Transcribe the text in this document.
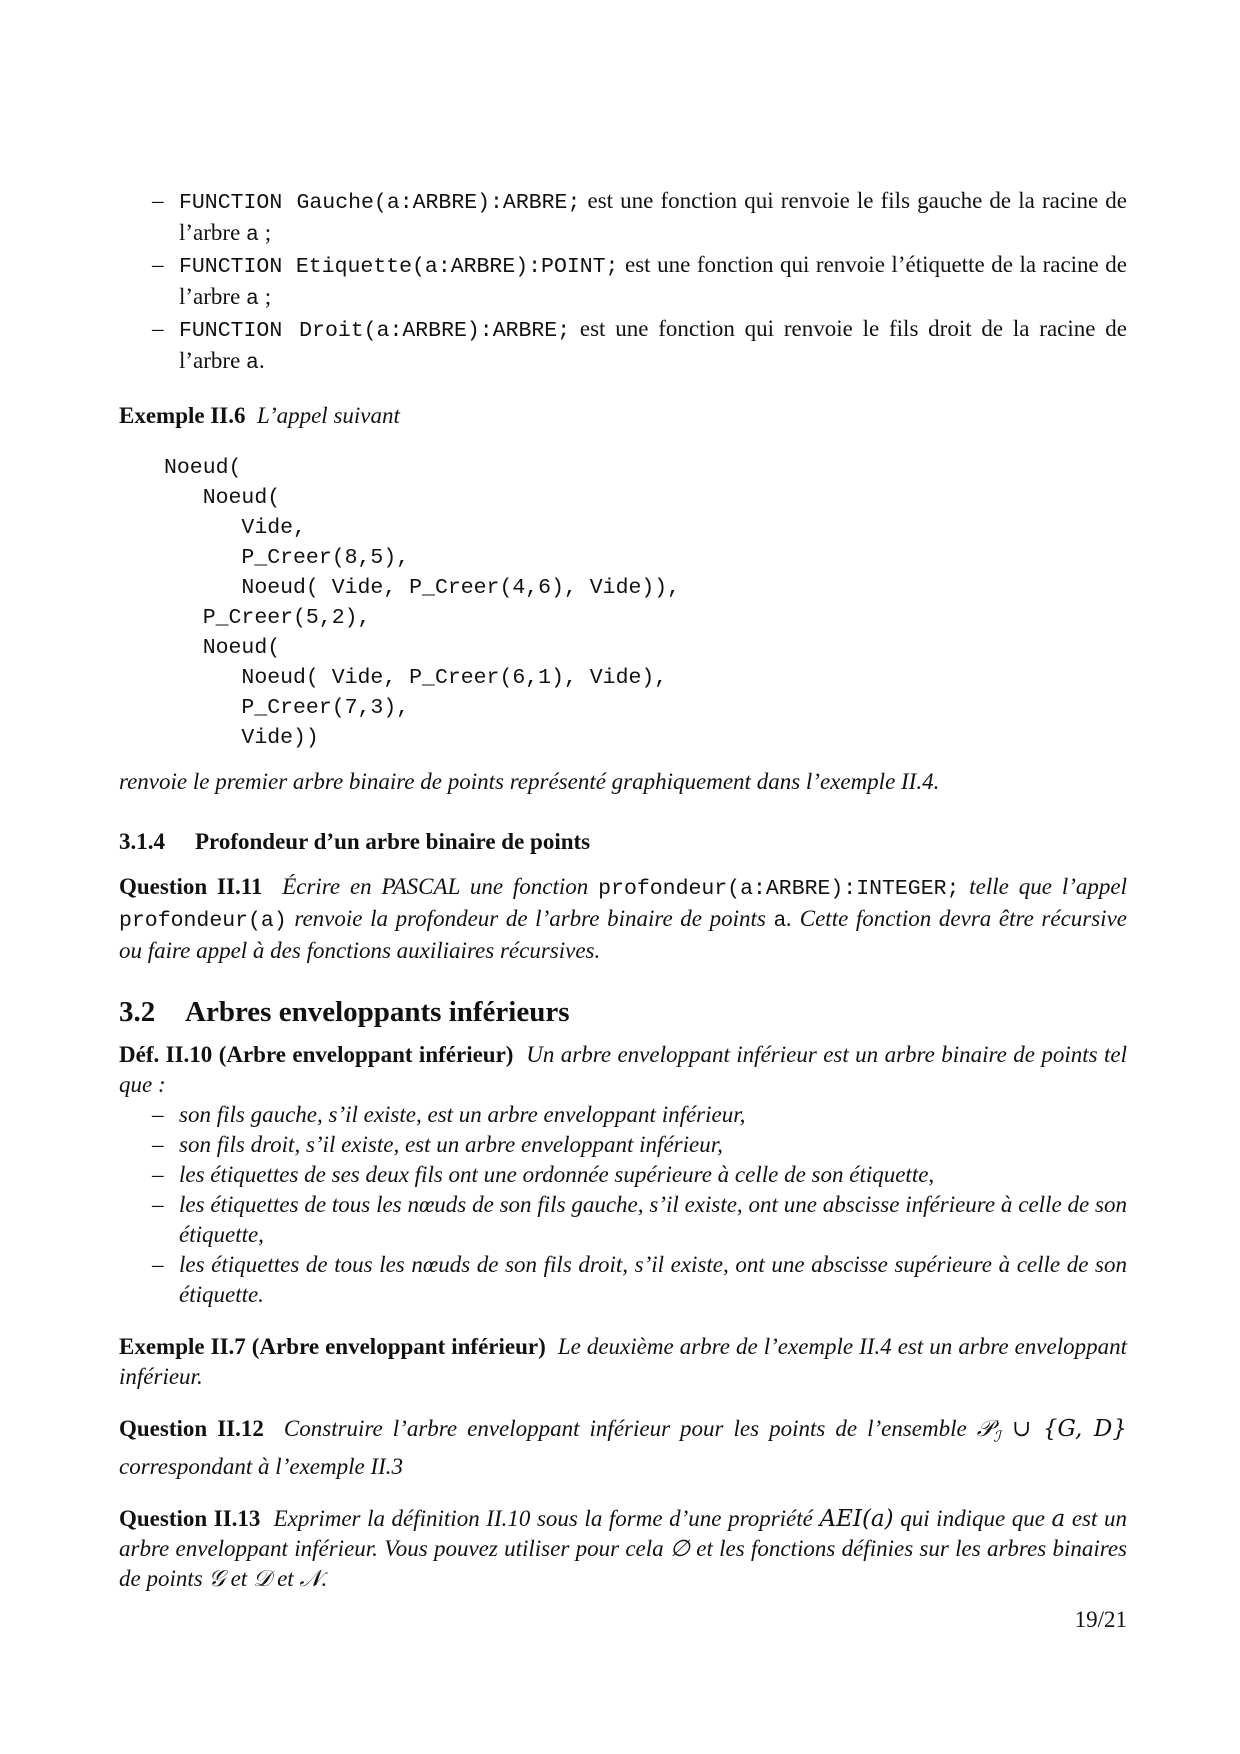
– FUNCTION Gauche(a:ARBRE):ARBRE; est une fonction qui renvoie le fils gauche de la racine de l’arbre a ;
– FUNCTION Etiquette(a:ARBRE):POINT; est une fonction qui renvoie l’étiquette de la racine de l’arbre a ;
– FUNCTION Droit(a:ARBRE):ARBRE; est une fonction qui renvoie le fils droit de la racine de l’arbre a.

Exemple II.6 L’appel suivant

Noeud(
Noeud(
Vide,
P_Creer(8,5),
Noeud( Vide, P_Creer(4,6), Vide)),
P_Creer(5,2),
Noeud(
Noeud( Vide, P_Creer(6,1), Vide),
P_Creer(7,3),
Vide))

renvoie le premier arbre binaire de points représenté graphiquement dans l’exemple II.4.

3.1.4 Profondeur d’un arbre binaire de points

Question II.11 Écrire en PASCAL une fonction profondeur(a:ARBRE):INTEGER; telle que l’appel profondeur(a) renvoie la profondeur de l’arbre binaire de points a. Cette fonction devra être récursive ou faire appel à des fonctions auxiliaires récursives.

3.2 Arbres enveloppants inférieurs

Déf. II.10 (Arbre enveloppant inférieur) Un arbre enveloppant inférieur est un arbre binaire de points tel que :

– son fils gauche, s’il existe, est un arbre enveloppant inférieur,
– son fils droit, s’il existe, est un arbre enveloppant inférieur,
– les étiquettes de ses deux fils ont une ordonnée supérieure à celle de son étiquette,
– les étiquettes de tous les nœuds de son fils gauche, s’il existe, ont une abscisse inférieure à celle de son étiquette,
– les étiquettes de tous les nœuds de son fils droit, s’il existe, ont une abscisse supérieure à celle de son étiquette.

Exemple II.7 (Arbre enveloppant inférieur) Le deuxième arbre de l’exemple II.4 est un arbre enveloppant inférieur.

Question II.12 Construire l’arbre enveloppant inférieur pour les points de l’ensemble 𝒫$_ℐ$ ∪ {G, D} correspondant à l’exemple II.3

Question II.13 Exprimer la définition II.10 sous la forme d’une propriété AEI(a) qui indique que a est un arbre enveloppant inférieur. Vous pouvez utiliser pour cela ∅ et les fonctions définies sur les arbres binaires de points 𝒢 et 𝒟 et 𝒩.

19/21
